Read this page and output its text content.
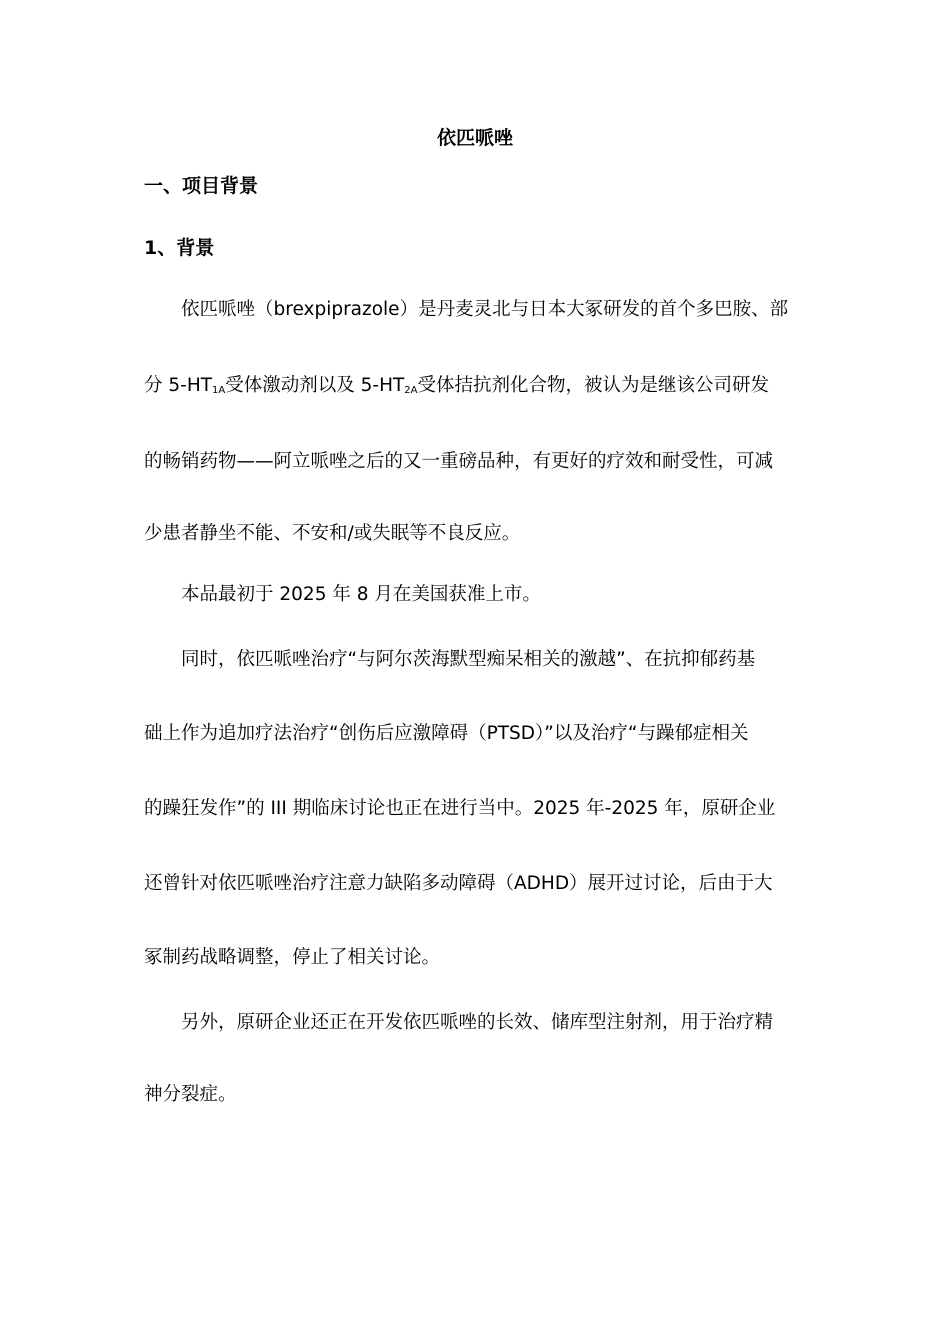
依匹哌唑
一、项目背景
1、背景
依匹哌唑（brexpiprazole）是丹麦灵北与日本大冢研发的首个多巴胺、部
分 $5-HT_{1A}$受体激动剂以及 $5-HT_{2A}$受体拮抗剂化合物，被认为是继该公司研发
的畅销药物——阿立哌唑之后的又一重磅品种，有更好的疗效和耐受性，可减
少患者静坐不能、不安和/或失眠等不良反应。
本品最初于 2025 年 8 月在美国获准上市。
同时，依匹哌唑治疗“与阿尔茨海默型痴呆相关的激越”、在抗抑郁药基
础上作为追加疗法治疗“创伤后应激障碍（PTSD）”以及治疗“与躁郁症相关
的躁狂发作”的 III 期临床讨论也正在进行当中。2025 年-2025 年，原研企业
还曾针对依匹哌唑治疗注意力缺陷多动障碍（ADHD）展开过讨论，后由于大
冢制药战略调整，停止了相关讨论。
另外，原研企业还正在开发依匹哌唑的长效、储库型注射剂，用于治疗精
神分裂症。
